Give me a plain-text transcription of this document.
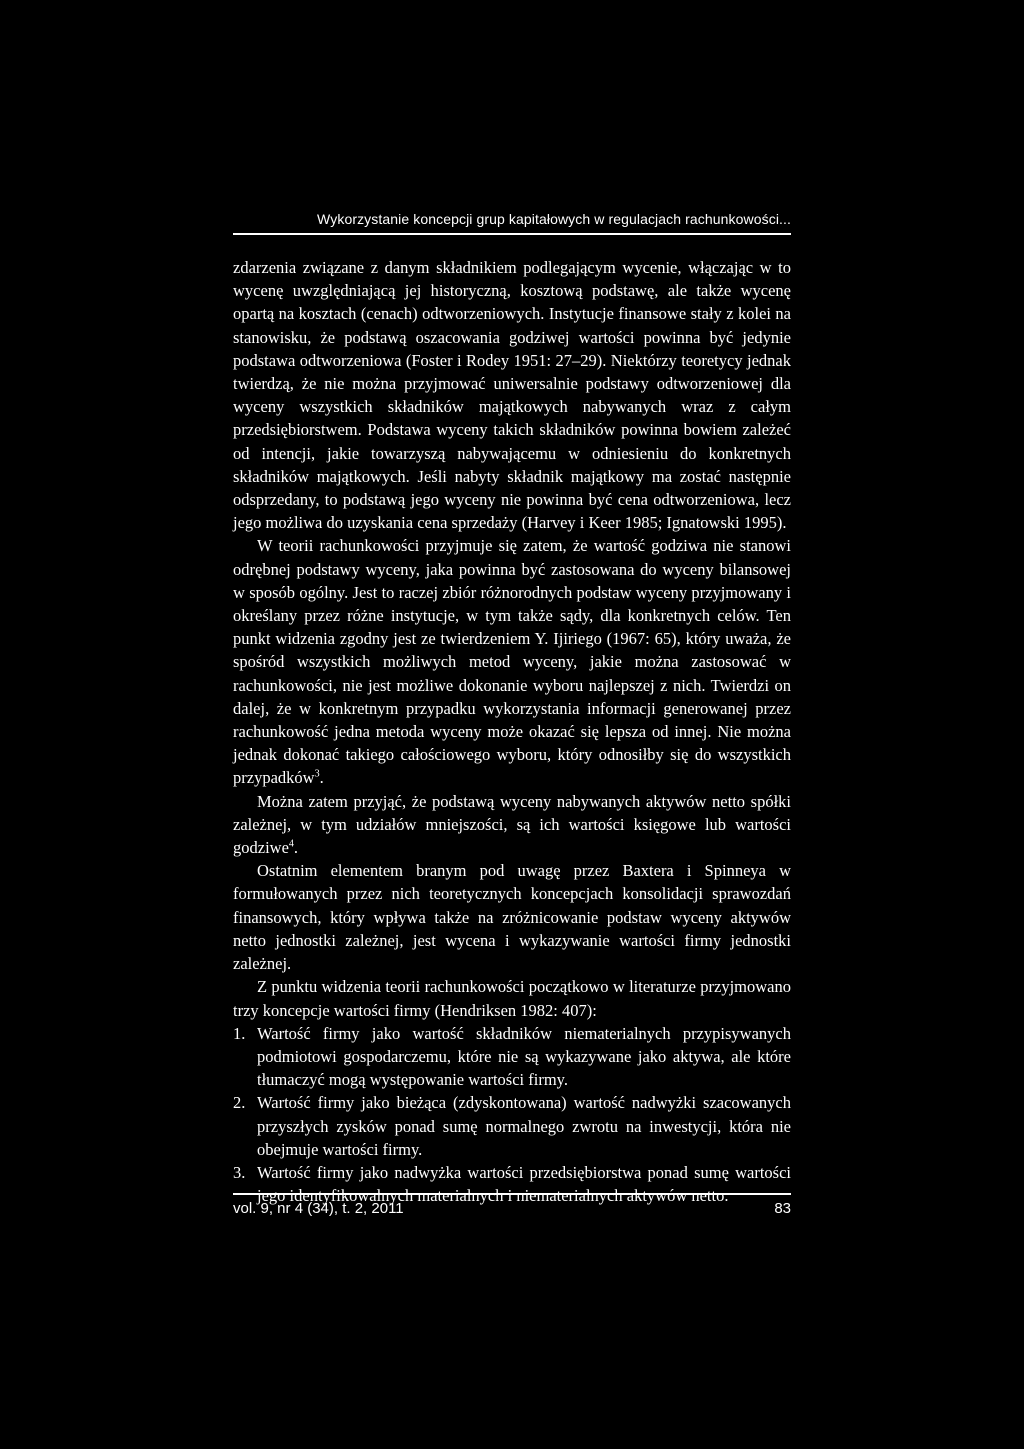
Wykorzystanie koncepcji grup kapitałowych w regulacjach rachunkowości...

zdarzenia związane z danym składnikiem podlegającym wycenie, włączając w to wycenę uwzględniającą jej historyczną, kosztową podstawę, ale także wycenę opartą na kosztach (cenach) odtworzeniowych. Instytucje finansowe stały z kolei na stanowisku, że podstawą oszacowania godziwej wartości powinna być jedynie podstawa odtworzeniowa (Foster i Rodey 1951: 27–29). Niektórzy teoretycy jednak twierdzą, że nie można przyjmować uniwersalnie podstawy odtworzeniowej dla wyceny wszystkich składników majątkowych nabywanych wraz z całym przedsiębiorstwem. Podstawa wyceny takich składników powinna bowiem zależeć od intencji, jakie towarzyszą nabywającemu w odniesieniu do konkretnych składników majątkowych. Jeśli nabyty składnik majątkowy ma zostać następnie odsprzedany, to podstawą jego wyceny nie powinna być cena odtworzeniowa, lecz jego możliwa do uzyskania cena sprzedaży (Harvey i Keer 1985; Ignatowski 1995).

W teorii rachunkowości przyjmuje się zatem, że wartość godziwa nie stanowi odrębnej podstawy wyceny, jaka powinna być zastosowana do wyceny bilansowej w sposób ogólny. Jest to raczej zbiór różnorodnych podstaw wyceny przyjmowany i określany przez różne instytucje, w tym także sądy, dla konkretnych celów. Ten punkt widzenia zgodny jest ze twierdzeniem Y. Ijiriego (1967: 65), który uważa, że spośród wszystkich możliwych metod wyceny, jakie można zastosować w rachunkowości, nie jest możliwe dokonanie wyboru najlepszej z nich. Twierdzi on dalej, że w konkretnym przypadku wykorzystania informacji generowanej przez rachunkowość jedna metoda wyceny może okazać się lepsza od innej. Nie można jednak dokonać takiego całościowego wyboru, który odnosiłby się do wszystkich przypadków$^3$.

Można zatem przyjąć, że podstawą wyceny nabywanych aktywów netto spółki zależnej, w tym udziałów mniejszości, są ich wartości księgowe lub wartości godziwe$^4$.

Ostatnim elementem branym pod uwagę przez Baxtera i Spinneya w formułowanych przez nich teoretycznych koncepcjach konsolidacji sprawozdań finansowych, który wpływa także na zróżnicowanie podstaw wyceny aktywów netto jednostki zależnej, jest wycena i wykazywanie wartości firmy jednostki zależnej.

Z punktu widzenia teorii rachunkowości początkowo w literaturze przyjmowano trzy koncepcje wartości firmy (Hendriksen 1982: 407):

1. Wartość firmy jako wartość składników niematerialnych przypisywanych podmiotowi gospodarczemu, które nie są wykazywane jako aktywa, ale które tłumaczyć mogą występowanie wartości firmy.
2. Wartość firmy jako bieżąca (zdyskontowana) wartość nadwyżki szacowanych przyszłych zysków ponad sumę normalnego zwrotu na inwestycji, która nie obejmuje wartości firmy.
3. Wartość firmy jako nadwyżka wartości przedsiębiorstwa ponad sumę wartości jego identyfikowalnych materialnych i niematerialnych aktywów netto.
vol. 9, nr 4 (34), t. 2, 2011	83
